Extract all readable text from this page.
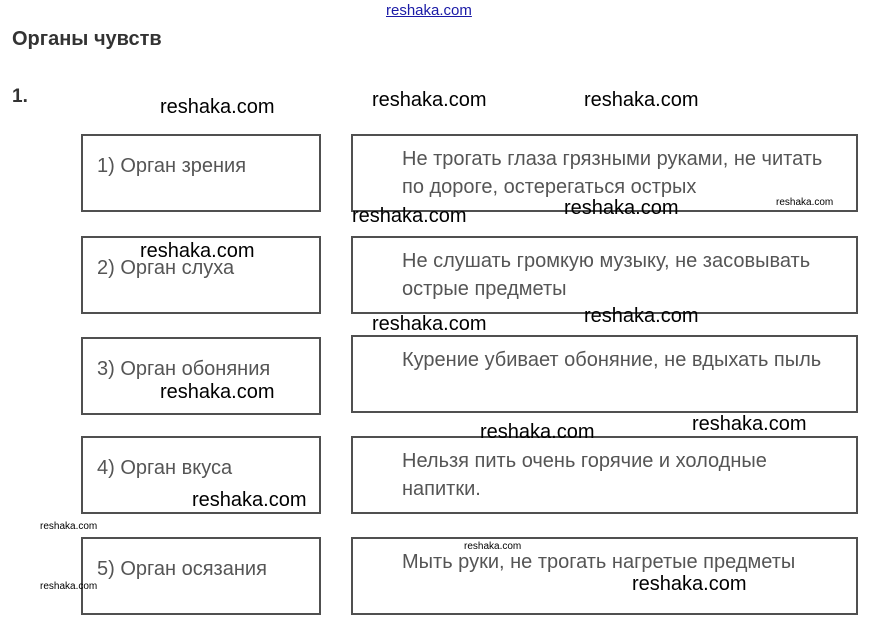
reshaka.com
Органы чувств
1.
1) Орган зрения	Не трогать глаза грязными руками, не читать по дороге, остерегаться острых
2) Орган слуха	Не слушать громкую музыку, не засовывать острые предметы
3) Орган обоняния	Курение убивает обоняние, не вдыхать пыль
4) Орган вкуса	Нельзя пить очень горячие и холодные напитки.
5) Орган осязания	Мыть руки, не трогать нагретые предметы
reshaka.com	reshaka.com	reshaka.com
reshaka.com
reshaka.com
reshaka.com
reshaka.com
reshaka.com
reshaka.com
reshaka.com
reshaka.com
reshaka.com
reshaka.com
reshaka.com
reshaka.com
reshaka.com
reshaka.com
